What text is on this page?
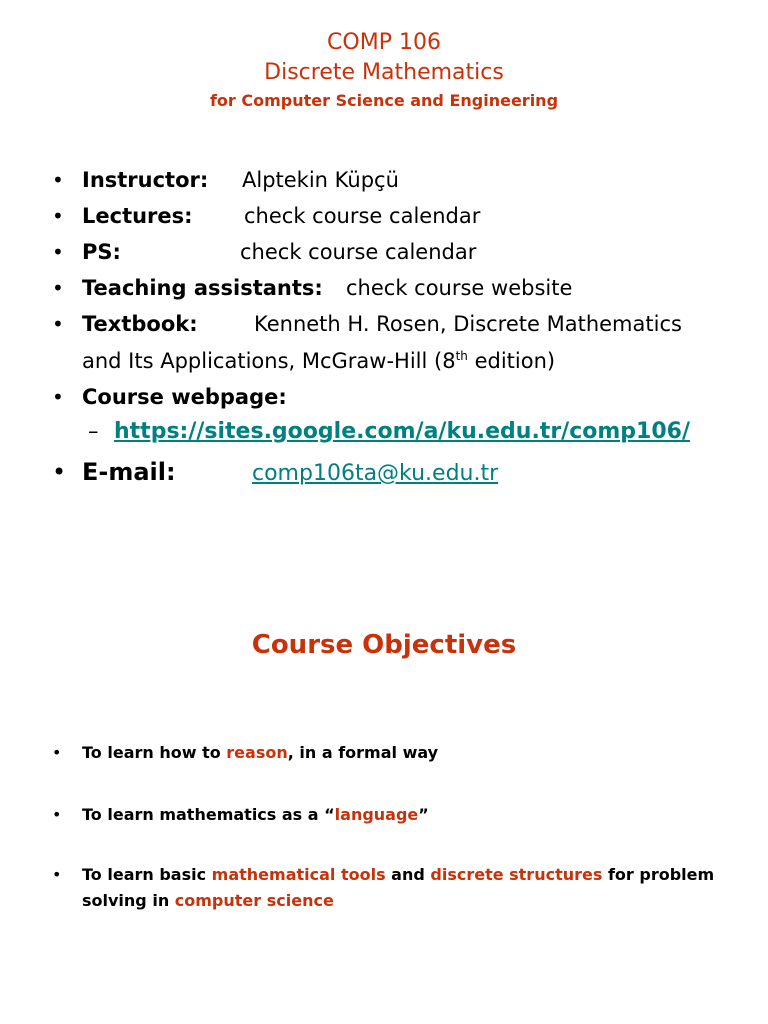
COMP 106
Discrete Mathematics
for Computer Science and Engineering
• Instructor: Alptekin Küpçü
• Lectures: check course calendar
• PS:	check course calendar
• Teaching assistants: check course website
• Textbook:	Kenneth H. Rosen, Discrete Mathematics
and Its Applications, McGraw-Hill (8th edition)
• Course webpage:
– https://sites.google.com/a/ku.edu.tr/comp106/
• E-mail:	comp106ta@ku.edu.tr
Course Objectives
• To learn how to reason, in a formal way
• To learn mathematics as a “language”
• To learn basic mathematical tools and discrete structures for problem solving in computer science
